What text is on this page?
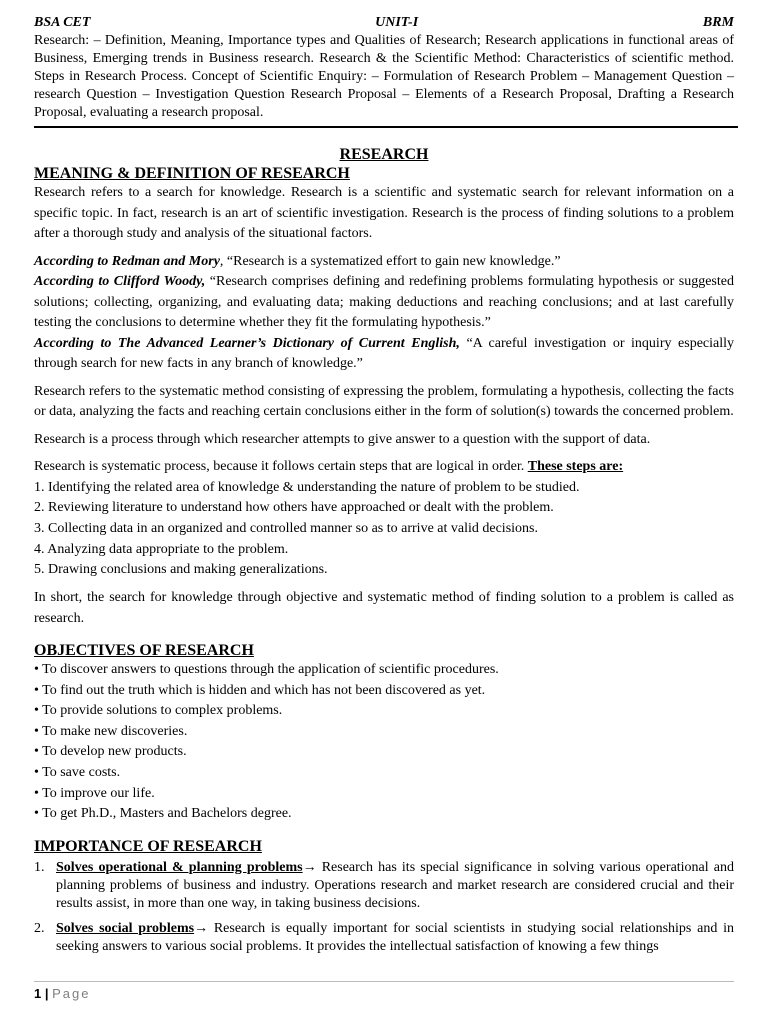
BSA CET	UNIT-I	BRM
Research: – Definition, Meaning, Importance types and Qualities of Research; Research applications in functional areas of Business, Emerging trends in Business research. Research & the Scientific Method: Characteristics of scientific method. Steps in Research Process. Concept of Scientific Enquiry: – Formulation of Research Problem – Management Question – research Question – Investigation Question Research Proposal – Elements of a Research Proposal, Drafting a Research Proposal, evaluating a research proposal.
RESEARCH
MEANING & DEFINITION OF RESEARCH

Research refers to a search for knowledge. Research is a scientific and systematic search for relevant information on a specific topic. In fact, research is an art of scientific investigation. Research is the process of finding solutions to a problem after a thorough study and analysis of the situational factors.

According to Redman and Mory, “Research is a systematized effort to gain new knowledge.”

According to Clifford Woody, “Research comprises defining and redefining problems formulating hypothesis or suggested solutions; collecting, organizing, and evaluating data; making deductions and reaching conclusions; and at last carefully testing the conclusions to determine whether they fit the formulating hypothesis.”

According to The Advanced Learner’s Dictionary of Current English, “A careful investigation or inquiry especially through search for new facts in any branch of knowledge.”

Research refers to the systematic method consisting of expressing the problem, formulating a hypothesis, collecting the facts or data, analyzing the facts and reaching certain conclusions either in the form of solution(s) towards the concerned problem.

Research is a process through which researcher attempts to give answer to a question with the support of data.

Research is systematic process, because it follows certain steps that are logical in order. These steps are:

1. Identifying the related area of knowledge & understanding the nature of problem to be studied.
2. Reviewing literature to understand how others have approached or dealt with the problem.
3. Collecting data in an organized and controlled manner so as to arrive at valid decisions.
4. Analyzing data appropriate to the problem.
5. Drawing conclusions and making generalizations.

In short, the search for knowledge through objective and systematic method of finding solution to a problem is called as research.

OBJECTIVES OF RESEARCH
• To discover answers to questions through the application of scientific procedures.
• To find out the truth which is hidden and which has not been discovered as yet.
• To provide solutions to complex problems.
• To make new discoveries.
• To develop new products.
• To save costs.
• To improve our life.
• To get Ph.D., Masters and Bachelors degree.
IMPORTANCE OF RESEARCH
1. Solves operational & planning problems→ Research has its special significance in solving various operational and planning problems of business and industry. Operations research and market research are considered crucial and their results assist, in more than one way, in taking business decisions.
2. Solves social problems→ Research is equally important for social scientists in studying social relationships and in seeking answers to various social problems. It provides the intellectual satisfaction of knowing a few things
1 | Page
